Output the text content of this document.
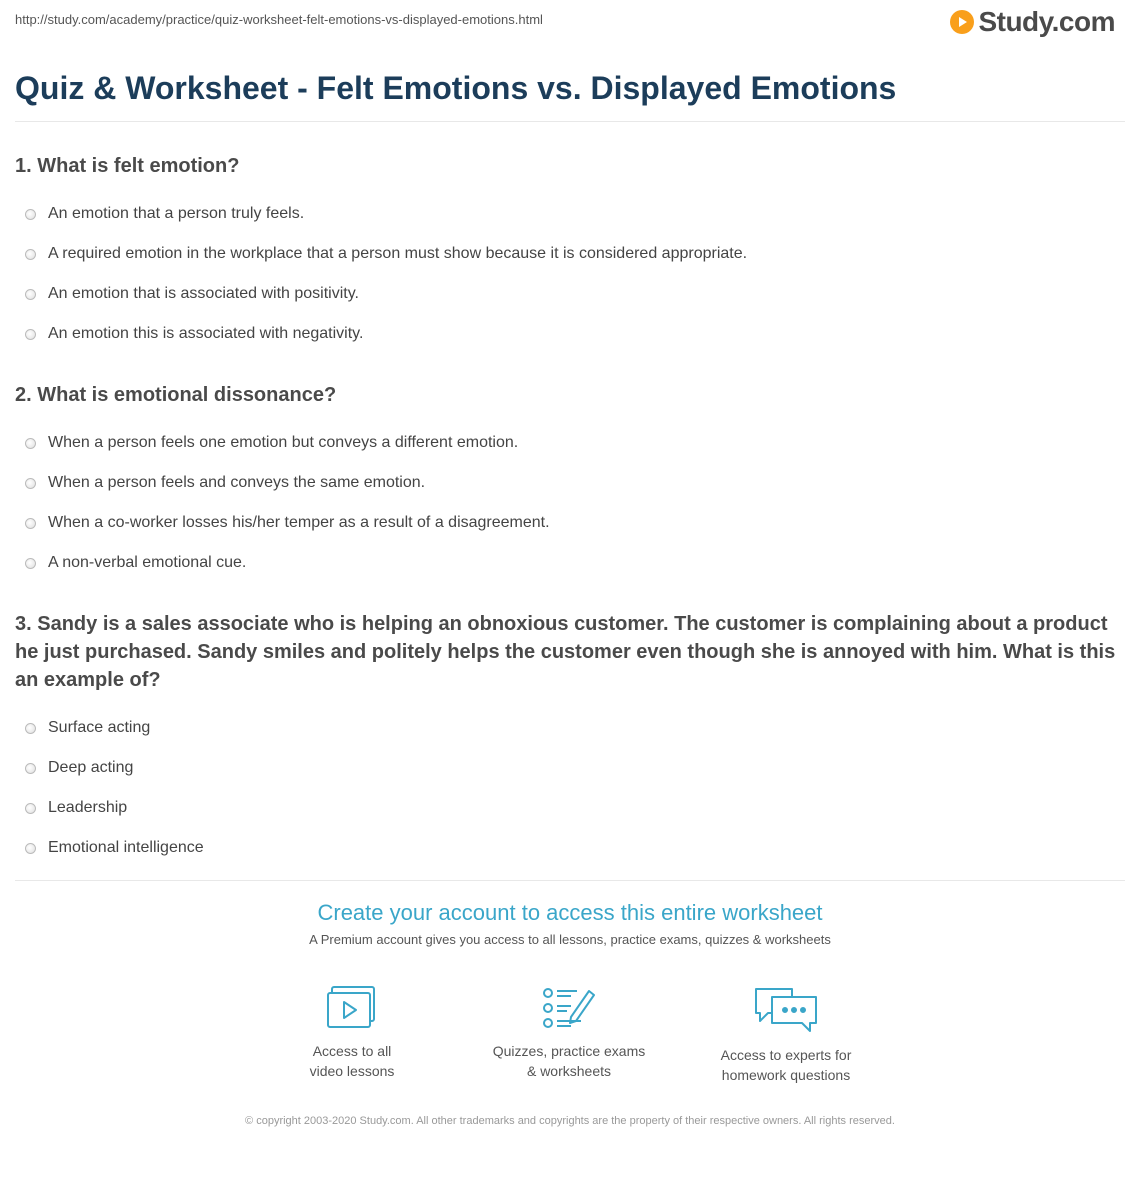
http://study.com/academy/practice/quiz-worksheet-felt-emotions-vs-displayed-emotions.html	Study.com
Quiz & Worksheet - Felt Emotions vs. Displayed Emotions

1. What is felt emotion?

An emotion that a person truly feels.
A required emotion in the workplace that a person must show because it is considered appropriate.
An emotion that is associated with positivity.
An emotion this is associated with negativity.

2. What is emotional dissonance?

When a person feels one emotion but conveys a different emotion.
When a person feels and conveys the same emotion.
When a co-worker losses his/her temper as a result of a disagreement.
A non-verbal emotional cue.

3. Sandy is a sales associate who is helping an obnoxious customer. The customer is complaining about a product he just purchased. Sandy smiles and politely helps the customer even though she is annoyed with him. What is this an example of?

Surface acting
Deep acting
Leadership
Emotional intelligence

Create your account to access this entire worksheet

A Premium account gives you access to all lessons, practice exams, quizzes & worksheets
Access to all
video lessons
Quizzes, practice exams
& worksheets
Access to experts for
homework questions
© copyright 2003-2020 Study.com. All other trademarks and copyrights are the property of their respective owners. All rights reserved.
